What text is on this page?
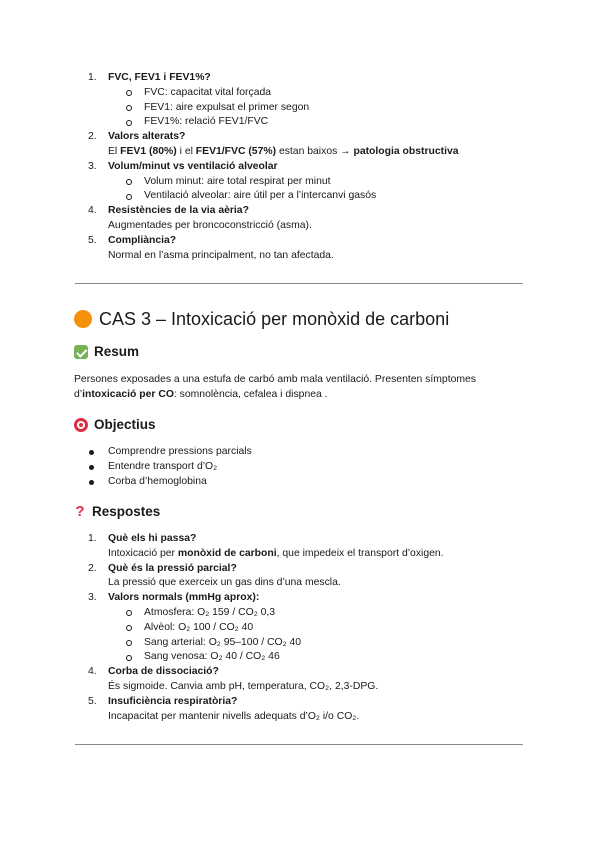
1.	FVC, FEV1 i FEV1%?
FVC: capacitat vital forçada
FEV1: aire expulsat el primer segon
FEV1%: relació FEV1/FVC
2.	Valors alterats?
El FEV1 (80%) i el FEV1/FVC (57%) estan baixos → patologia obstructiva
3.	Volum/minut vs ventilació alveolar
Volum minut: aire total respirat per minut
Ventilació alveolar: aire útil per a l’intercanvi gasós
4.	Resistències de la via aèria?
Augmentades per broncoconstricció (asma).
5.	Compliància?
Normal en l’asma principalment, no tan afectada.
CAS 3 – Intoxicació per monòxid de carboni
Resum
Persones exposades a una estufa de carbó amb mala ventilació. Presenten símptomes d’intoxicació per CO: somnolència, cefalea i dispnea .
Objectius
Comprendre pressions parcials
Entendre transport d’O₂
Corba d’hemoglobina
? Respostes
1.	Què els hi passa?
Intoxicació per monòxid de carboni, que impedeix el transport d’oxigen.
2.	Què és la pressió parcial?
La pressió que exerceix un gas dins d’una mescla.
3.	Valors normals (mmHg aprox):
Atmosfera: O₂ 159 / CO₂ 0,3
Alvèol: O₂ 100 / CO₂ 40
Sang arterial: O₂ 95–100 / CO₂ 40
Sang venosa: O₂ 40 / CO₂ 46
4.	Corba de dissociació?
És sigmoide. Canvia amb pH, temperatura, CO₂, 2,3-DPG.
5.	Insuficiència respiratòria?
Incapacitat per mantenir nivells adequats d’O₂ i/o CO₂.
